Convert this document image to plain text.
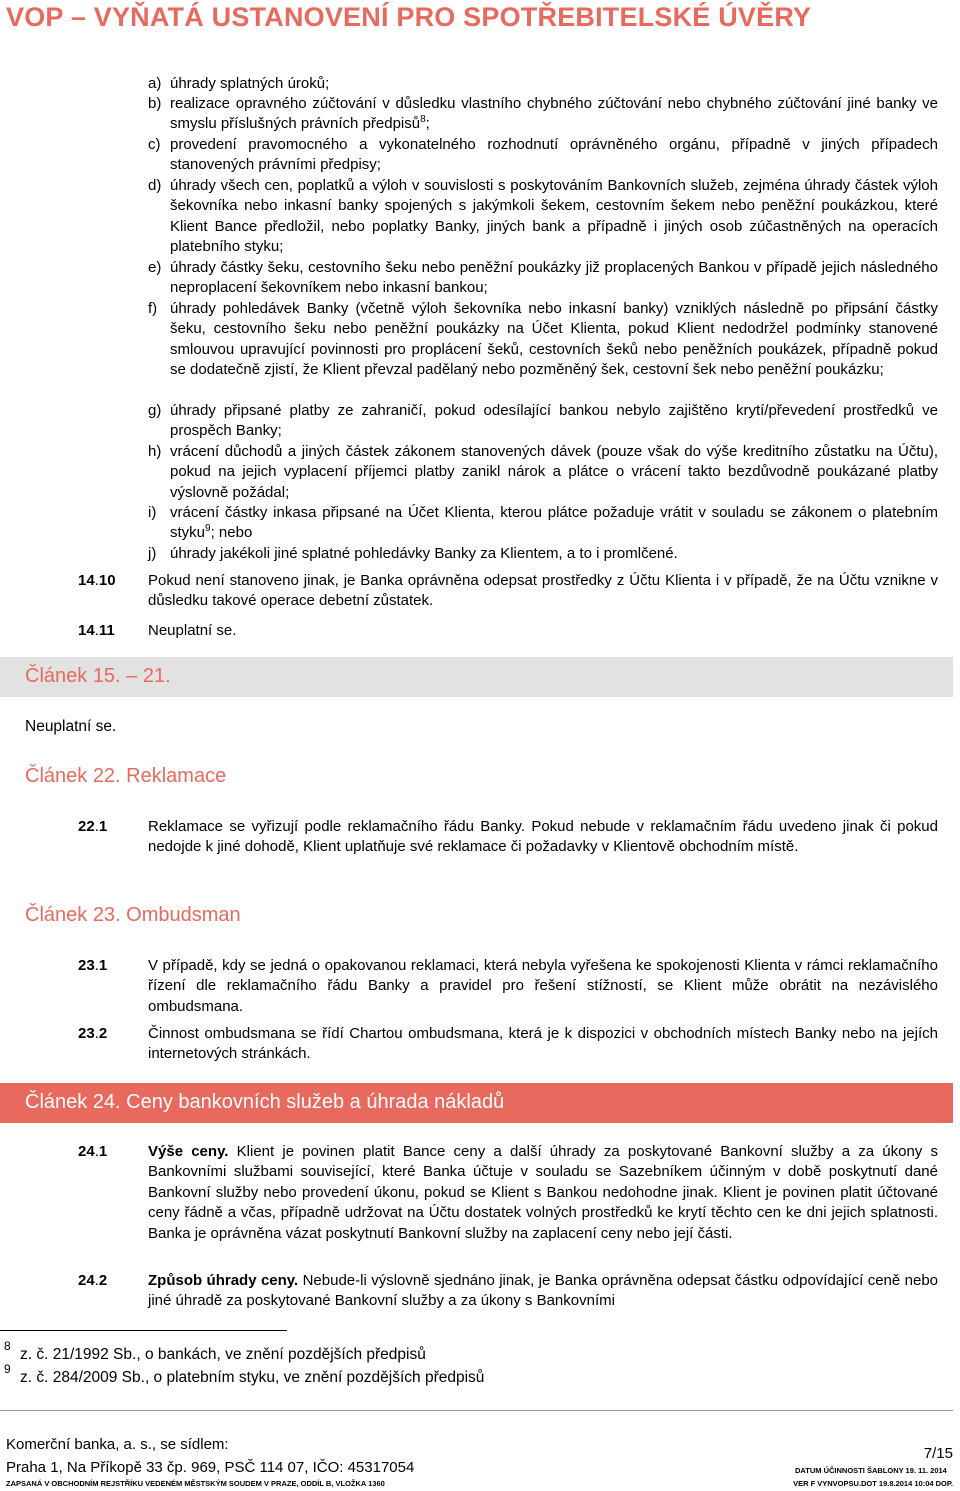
VOP – VYŇATÁ USTANOVENÍ PRO SPOTŘEBITELSKÉ ÚVĚRY
a) úhrady splatných úroků;
b) realizace opravného zúčtování v důsledku vlastního chybného zúčtování nebo chybného zúčtování jiné banky ve smyslu příslušných právních předpisů$^8$;
c) provedení pravomocného a vykonatelného rozhodnutí oprávněného orgánu, případně v jiných případech stanovených právními předpisy;
d) úhrady všech cen, poplatků a výloh v souvislosti s poskytováním Bankovních služeb, zejména úhrady částek výloh šekovníka nebo inkasní banky spojených s jakýmkoli šekem, cestovním šekem nebo peněžní poukázkou, které Klient Bance předložil, nebo poplatky Banky, jiných bank a případně i jiných osob zúčastněných na operacích platebního styku;
e) úhrady částky šeku, cestovního šeku nebo peněžní poukázky již proplacených Bankou v případě jejich následného neproplacení šekovníkem nebo inkasní bankou;
f) úhrady pohledávek Banky (včetně výloh šekovníka nebo inkasní banky) vzniklých následně po připsání částky šeku, cestovního šeku nebo peněžní poukázky na Účet Klienta, pokud Klient nedodržel podmínky stanovené smlouvou upravující povinnosti pro proplácení šeků, cestovních šeků nebo peněžních poukázek, případně pokud se dodatečně zjistí, že Klient převzal padělaný nebo pozměněný šek, cestovní šek nebo peněžní poukázku;
g) úhrady připsané platby ze zahraničí, pokud odesílající bankou nebylo zajištěno krytí/převedení prostředků ve prospěch Banky;
h) vrácení důchodů a jiných částek zákonem stanovených dávek (pouze však do výše kreditního zůstatku na Účtu), pokud na jejich vyplacení příjemci platby zanikl nárok a plátce o vrácení takto bezdůvodně poukázané platby výslovně požádal;
i) vrácení částky inkasa připsané na Účet Klienta, kterou plátce požaduje vrátit v souladu se zákonem o platebním styku$^9$; nebo
j) úhrady jakékoli jiné splatné pohledávky Banky za Klientem, a to i promlčené.
14.10 Pokud není stanoveno jinak, je Banka oprávněna odepsat prostředky z Účtu Klienta i v případě, že na Účtu vznikne v důsledku takové operace debetní zůstatek.
14.11 Neuplatní se.
Článek 15. – 21.
Neuplatní se.
Článek 22. Reklamace
22.1	Reklamace se vyřizují podle reklamačního řádu Banky. Pokud nebude v reklamačním řádu uvedeno jinak či pokud nedojde k jiné dohodě, Klient uplatňuje své reklamace či požadavky v Klientově obchodním místě.
Článek 23. Ombudsman
23.1	V případě, kdy se jedná o opakovanou reklamaci, která nebyla vyřešena ke spokojenosti Klienta v rámci reklamačního řízení dle reklamačního řádu Banky a pravidel pro řešení stížností, se Klient může obrátit na nezávislého ombudsmana.
23.2	Činnost ombudsmana se řídí Chartou ombudsmana, která je k dispozici v obchodních místech Banky nebo na jejích internetových stránkách.
Článek 24. Ceny bankovních služeb a úhrada nákladů
24.1	Výše ceny. Klient je povinen platit Bance ceny a další úhrady za poskytované Bankovní služby a za úkony s Bankovními službami související, které Banka účtuje v souladu se Sazebníkem účinným v době poskytnutí dané Bankovní služby nebo provedení úkonu, pokud se Klient s Bankou nedohodne jinak. Klient je povinen platit účtované ceny řádně a včas, případně udržovat na Účtu dostatek volných prostředků ke krytí těchto cen ke dni jejich splatnosti. Banka je oprávněna vázat poskytnutí Bankovní služby na zaplacení ceny nebo její části.
24.2	Způsob úhrady ceny. Nebude-li výslovně sjednáno jinak, je Banka oprávněna odepsat částku odpovídající ceně nebo jiné úhradě za poskytované Bankovní služby a za úkony s Bankovními
8 z. č. 21/1992 Sb., o bankách, ve znění pozdějších předpisů
9 z. č. 284/2009 Sb., o platebním styku, ve znění pozdějších předpisů
Komerční banka, a. s., se sídlem:
Praha 1, Na Příkopě 33 čp. 969, PSČ 114 07, IČO: 45317054
ZAPSANÁ V OBCHODNÍM REJSTŘÍKU VEDENÉM MĚSTSKÝM SOUDEM V PRAZE, ODDÍL B, VLOŽKA 1360
7/15
DATUM ÚČINNOSTI ŠABLONY 19. 11. 2014
VER F VYNVOPSU.DOT 19.8.2014 10:04 DOP.
